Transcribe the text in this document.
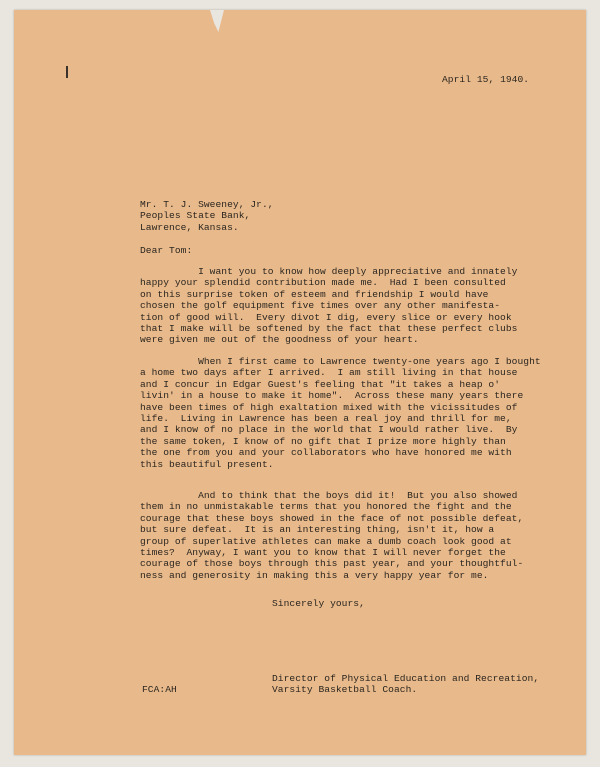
April 15, 1940.
Mr. T. J. Sweeney, Jr.,
Peoples State Bank,
Lawrence, Kansas.
Dear Tom:
I want you to know how deeply appreciative and innately
happy your splendid contribution made me.  Had I been consulted
on this surprise token of esteem and friendship I would have
chosen the golf equipment five times over any other manifesta-
tion of good will.  Every divot I dig, every slice or every hook
that I make will be softened by the fact that these perfect clubs
were given me out of the goodness of your heart.
When I first came to Lawrence twenty-one years ago I bought
a home two days after I arrived.  I am still living in that house
and I concur in Edgar Guest's feeling that "it takes a heap o'
livin' in a house to make it home".  Across these many years there
have been times of high exaltation mixed with the vicissitudes of
life.  Living in Lawrence has been a real joy and thrill for me,
and I know of no place in the world that I would rather live.  By
the same token, I know of no gift that I prize more highly than
the one from you and your collaborators who have honored me with
this beautiful present.
And to think that the boys did it!  But you also showed
them in no unmistakable terms that you honored the fight and the
courage that these boys showed in the face of not possible defeat,
but sure defeat.  It is an interesting thing, isn't it, how a
group of superlative athletes can make a dumb coach look good at
times?  Anyway, I want you to know that I will never forget the
courage of those boys through this past year, and your thoughtful-
ness and generosity in making this a very happy year for me.
Sincerely yours,
FCA:AH
Director of Physical Education and Recreation,
Varsity Basketball Coach.
